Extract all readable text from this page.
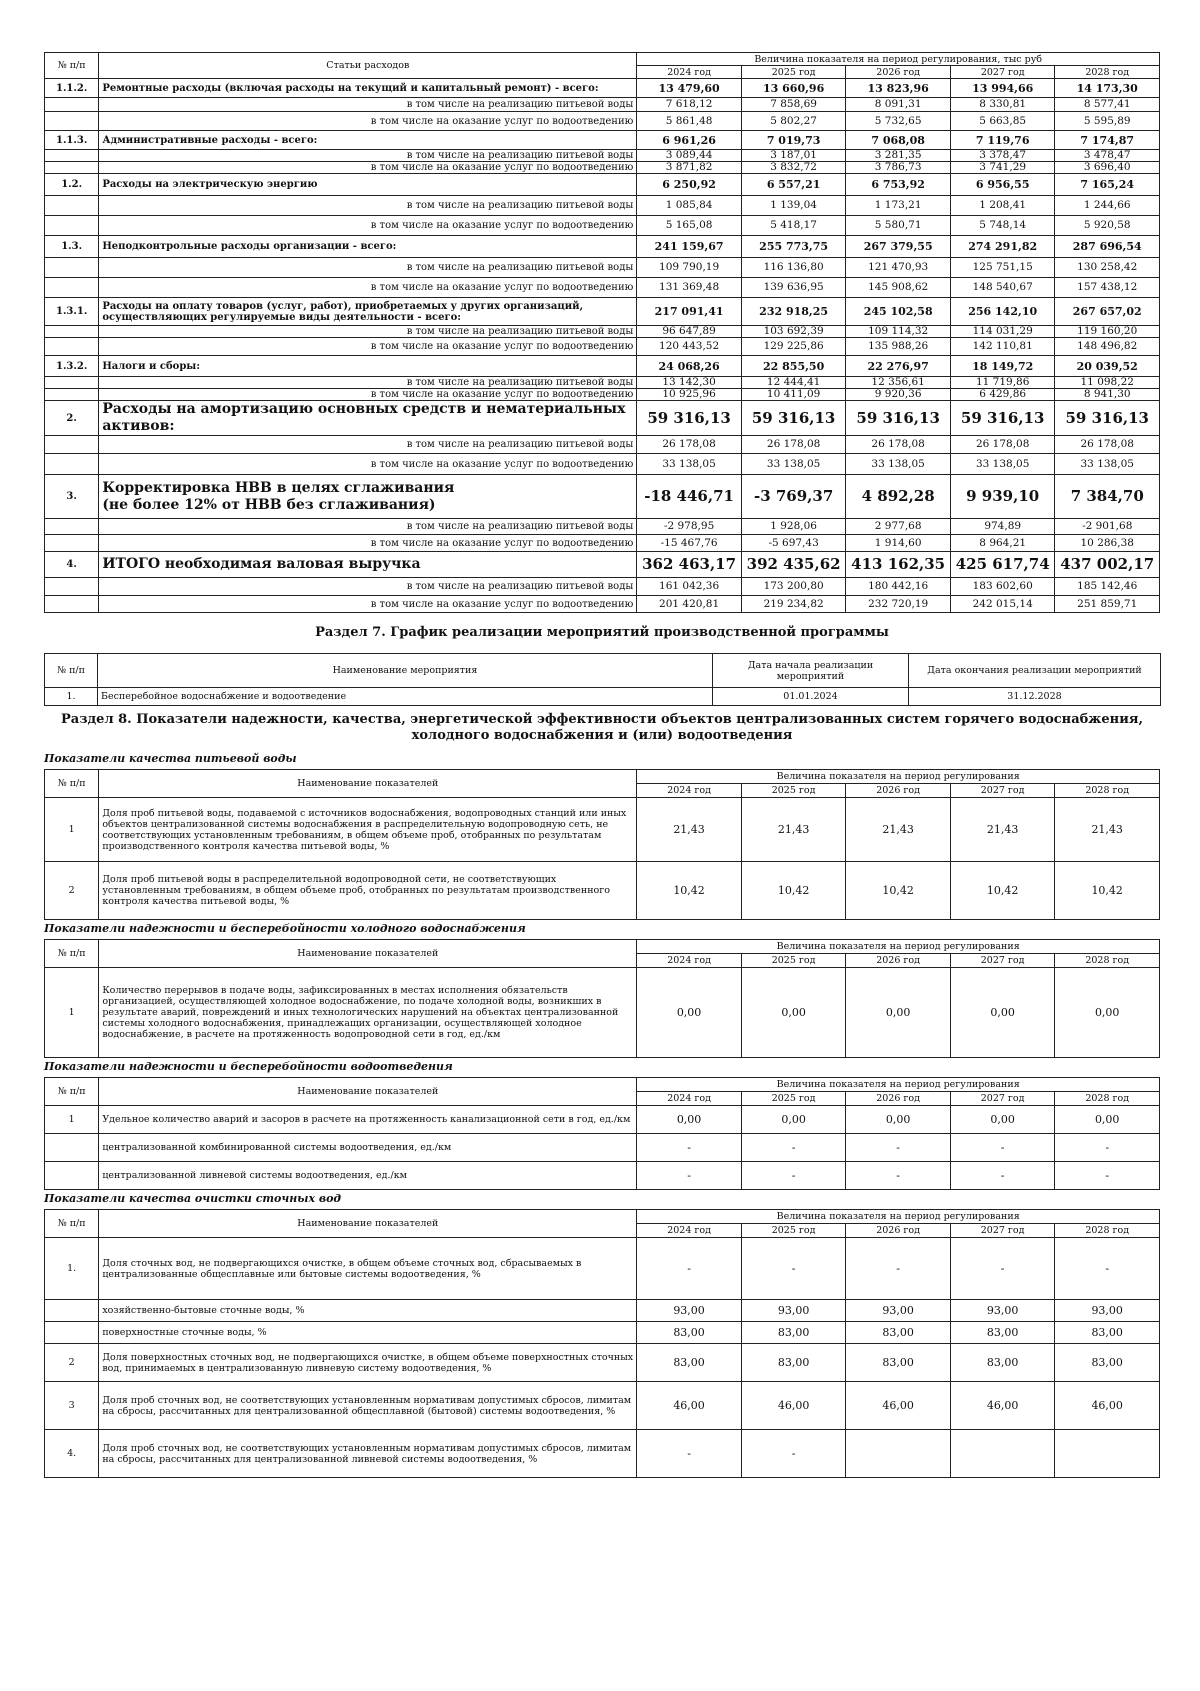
№ п/п	Статьи расходов	Величина показателя на период регулирования, тыс руб				
		2024 год	2025 год	2026 год	2027 год	2028 год
1.1.2.	Ремонтные расходы (включая расходы на текущий и капитальный ремонт) - всего:	13 479,60	13 660,96	13 823,96	13 994,66	14 173,30
	в том числе на реализацию питьевой воды	7 618,12	7 858,69	8 091,31	8 330,81	8 577,41
	в том числе на оказание услуг по водоотведению	5 861,48	5 802,27	5 732,65	5 663,85	5 595,89
1.1.3.	Административные расходы - всего:	6 961,26	7 019,73	7 068,08	7 119,76	7 174,87
	в том числе на реализацию питьевой воды	3 089,44	3 187,01	3 281,35	3 378,47	3 478,47
	в том числе на оказание услуг по водоотведению	3 871,82	3 832,72	3 786,73	3 741,29	3 696,40
1.2.	Расходы на электрическую энергию	6 250,92	6 557,21	6 753,92	6 956,55	7 165,24
	в том числе на реализацию питьевой воды	1 085,84	1 139,04	1 173,21	1 208,41	1 244,66
	в том числе на оказание услуг по водоотведению	5 165,08	5 418,17	5 580,71	5 748,14	5 920,58
1.3.	Неподконтрольные расходы организации - всего:	241 159,67	255 773,75	267 379,55	274 291,82	287 696,54
	в том числе на реализацию питьевой воды	109 790,19	116 136,80	121 470,93	125 751,15	130 258,42
	в том числе на оказание услуг по водоотведению	131 369,48	139 636,95	145 908,62	148 540,67	157 438,12
1.3.1.	Расходы на оплату товаров (услуг, работ), приобретаемых у других организаций, осуществляющих регулируемые виды деятельности - всего:	217 091,41	232 918,25	245 102,58	256 142,10	267 657,02
	в том числе на реализацию питьевой воды	96 647,89	103 692,39	109 114,32	114 031,29	119 160,20
	в том числе на оказание услуг по водоотведению	120 443,52	129 225,86	135 988,26	142 110,81	148 496,82
1.3.2.	Налоги и сборы:	24 068,26	22 855,50	22 276,97	18 149,72	20 039,52
	в том числе на реализацию питьевой воды	13 142,30	12 444,41	12 356,61	11 719,86	11 098,22
	в том числе на оказание услуг по водоотведению	10 925,96	10 411,09	9 920,36	6 429,86	8 941,30
2.	Расходы на амортизацию основных средств и нематериальных активов:	59 316,13	59 316,13	59 316,13	59 316,13	59 316,13
	в том числе на реализацию питьевой воды	26 178,08	26 178,08	26 178,08	26 178,08	26 178,08
	в том числе на оказание услуг по водоотведению	33 138,05	33 138,05	33 138,05	33 138,05	33 138,05
3.	Корректировка НВВ в целях сглаживания
(не более 12% от НВВ без сглаживания)	-18 446,71	-3 769,37	4 892,28	9 939,10	7 384,70
	в том числе на реализацию питьевой воды	-2 978,95	1 928,06	2 977,68	974,89	-2 901,68
	в том числе на оказание услуг по водоотведению	-15 467,76	-5 697,43	1 914,60	8 964,21	10 286,38
4.	ИТОГО необходимая валовая выручка	362 463,17	392 435,62	413 162,35	425 617,74	437 002,17
	в том числе на реализацию питьевой воды	161 042,36	173 200,80	180 442,16	183 602,60	185 142,46
	в том числе на оказание услуг по водоотведению	201 420,81	219 234,82	232 720,19	242 015,14	251 859,71
Раздел 7. График реализации мероприятий производственной программы
№ п/п	Наименование мероприятия	Дата начала реализации мероприятий	Дата окончания реализации мероприятий
1.	Бесперебойное водоснабжение и водоотведение	01.01.2024	31.12.2028
Раздел 8. Показатели надежности, качества, энергетической эффективности объектов централизованных систем горячего водоснабжения,
холодного водоснабжения и (или) водоотведения
Показатели качества питьевой воды
№ п/п	Наименование показателей	Величина показателя на период регулирования				
		2024 год	2025 год	2026 год	2027 год	2028 год
1	Доля проб питьевой воды, подаваемой с источников водоснабжения, водопроводных станций или иных объектов централизованной системы водоснабжения в распределительную водопроводную сеть, не соответствующих установленным требованиям, в общем объеме проб, отобранных по результатам производственного контроля качества питьевой воды, %	21,43	21,43	21,43	21,43	21,43
2	Доля проб питьевой воды в распределительной водопроводной сети, не соответствующих установленным требованиям, в общем объеме проб, отобранных по результатам производственного контроля качества питьевой воды, %	10,42	10,42	10,42	10,42	10,42
Показатели надежности и бесперебойности холодного водоснабжения
№ п/п	Наименование показателей	Величина показателя на период регулирования				
		2024 год	2025 год	2026 год	2027 год	2028 год
1	Количество перерывов в подаче воды, зафиксированных в местах исполнения обязательств организацией, осуществляющей холодное водоснабжение, по подаче холодной воды, возникших в результате аварий, повреждений и иных технологических нарушений на объектах централизованной системы холодного водоснабжения, принадлежащих организации, осуществляющей холодное водоснабжение, в расчете на протяженность водопроводной сети в год, ед./км	0,00	0,00	0,00	0,00	0,00
Показатели надежности и бесперебойности водоотведения
№ п/п	Наименование показателей	Величина показателя на период регулирования				
		2024 год	2025 год	2026 год	2027 год	2028 год
1	Удельное количество аварий и засоров в расчете на протяженность канализационной сети в год, ед./км	0,00	0,00	0,00	0,00	0,00
	централизованной комбинированной системы водоотведения, ед./км	-	-	-	-	-
	централизованной ливневой системы водоотведения, ед./км	-	-	-	-	-
Показатели качества очистки сточных вод
№ п/п	Наименование показателей	Величина показателя на период регулирования				
		2024 год	2025 год	2026 год	2027 год	2028 год
1.	Доля сточных вод, не подвергающихся очистке, в общем объеме сточных вод, сбрасываемых в централизованные общесплавные или бытовые системы водоотведения, %	-	-	-	-	-
	хозяйственно-бытовые сточные воды, %	93,00	93,00	93,00	93,00	93,00
	поверхностные сточные воды, %	83,00	83,00	83,00	83,00	83,00
2	Доля поверхностных сточных вод, не подвергающихся очистке, в общем объеме поверхностных сточных вод, принимаемых в централизованную ливневую систему водоотведения, %	83,00	83,00	83,00	83,00	83,00
3	Доля проб сточных вод, не соответствующих установленным нормативам допустимых сбросов, лимитам на сбросы, рассчитанных для централизованной общесплавной (бытовой) системы водоотведения, %	46,00	46,00	46,00	46,00	46,00
4.	Доля проб сточных вод, не соответствующих установленным нормативам допустимых сбросов, лимитам на сбросы, рассчитанных для централизованной ливневой системы водоотведения, %	-	-			
